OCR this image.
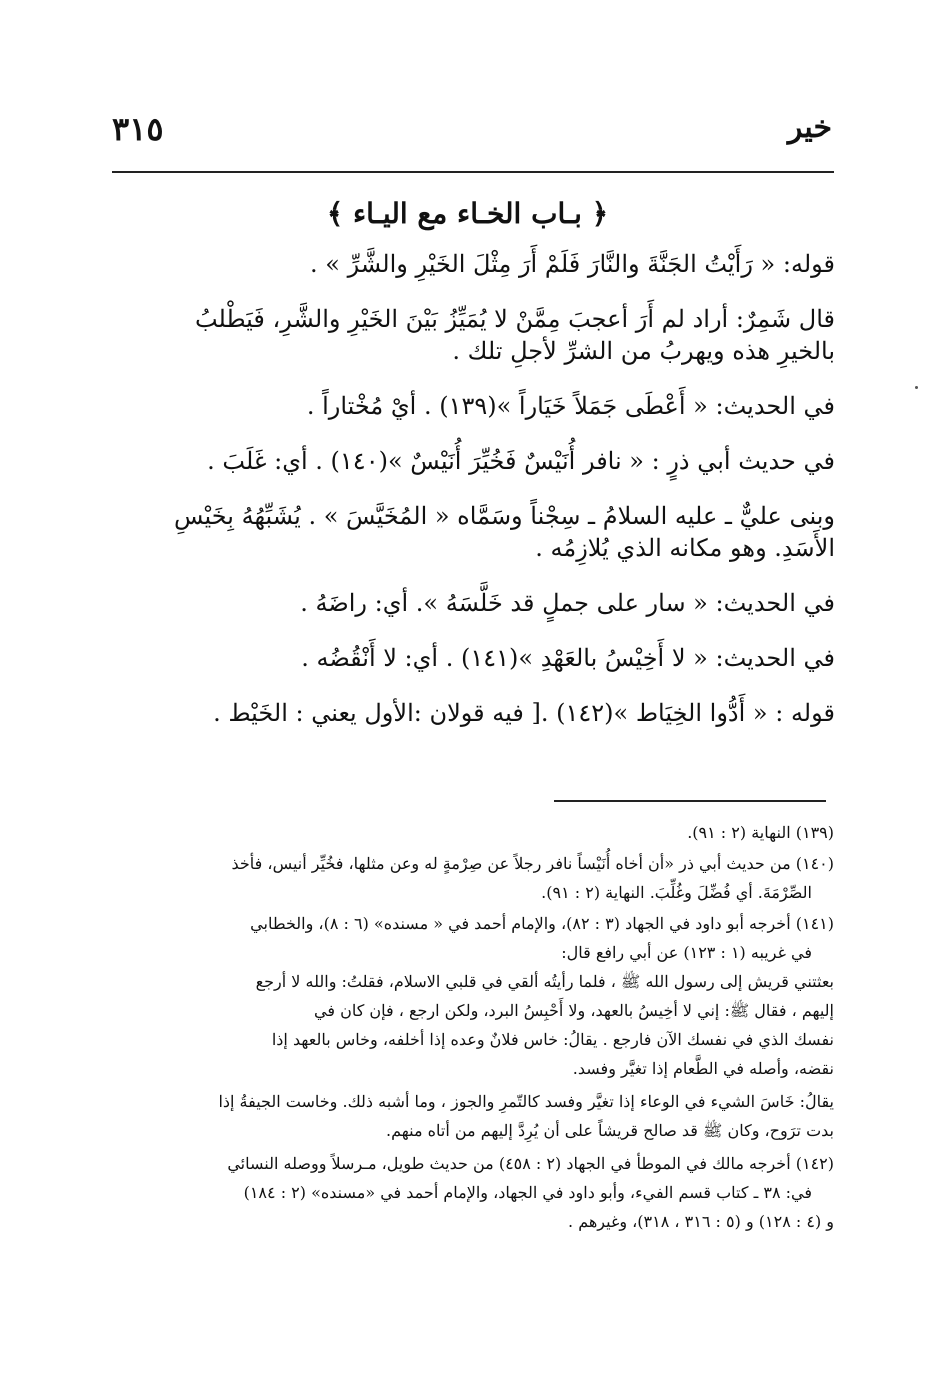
٣١٥	خير
﴿ بـاب الخـاء مع اليـاء ﴾
قوله: « رَأَيْتُ الجَنَّةَ والنَّارَ فَلَمْ أَرَ مِثْلَ الخَيْرِ والشَّرِّ » .
قال شَمِرٌ: أراد لم أَرَ أعجبَ مِمَّنْ لا يُمَيِّزُ بَيْنَ الخَيْرِ والشَّرِ، فَيَطْلبُ
بالخيرِ هذه ويهربُ من الشرِّ لأجلِ تلك .
في الحديث: « أَعْطَى جَمَلاً خَيَاراً »(١٣٩) . أيْ مُخْتاراً .
في حديث أبي ذرٍ : « نافر أُنَيْسٌ فَخُيِّرَ أُنَيْسٌ »(١٤٠) . أي: غَلَبَ .
وبنى عليٌّ ـ عليه السلامُ ـ سِجْناً وسَمَّاه « المُخَيَّسَ » . يُشَبِّهُهُ بِخَيْسِ
الأَسَدِ. وهو مكانه الذي يُلازِمُه .
في الحديث: « سار على جملٍ قد خَلَّسَهُ ». أي: راضَهُ .
في الحديث: « لا أَخِيْسُ بالعَهْدِ »(١٤١) . أي: لا أَنْقُضُه .
قوله : « أَدُّوا الخِيَاط »(١٤٢) .[ فيه قولان :الأول يعني : الخَيْط .
(١٣٩) النهاية (٢ : ٩١).
(١٤٠) من حديث أبي ذر «أن أخاه أُنَيْساً نافر رجلاً عن صِرْمةٍ له وعن مثلها، فخُيِّر أنيس، فأخذ
الصِّرْمَةَ. أي فُضِّلَ وغُلِّبَ. النهاية (٢ : ٩١).
(١٤١) أخرجه أبو داود في الجهاد (٣ : ٨٢)، والإمام أحمد في « مسنده» (٦ : ٨)، والخطابي
في غريبه (١ : ١٢٣) عن أبي رافع قال:
بعثتني قريش إلى رسول الله ﷺ ، فلما رأيتُه ألقي في قلبي الاسلام، فقلتُ: والله لا أرجع
إليهم ، فقال ﷺ: إني لا أخِيسُ بالعهد، ولا أَحْبِسُ البرد، ولكن ارجع ، فإن كان في
نفسك الذي في نفسك الآن فارجع . يقالُ: خاس فلانٌ وعده إذا أخلفه، وخاس بالعهد إذا
نقضه، وأصله في الطَّعام إذا تغيَّر وفسد.
يقالُ: خَاسَ الشيء في الوعاء إذا تغيَّر وفسد كالتّمرِ والجوز ، وما أشبه ذلك. وخاست الجيفةُ إذا
بدت ترَوح، وكان ﷺ قد صالح قريشاً على أن يُرِدَّ إليهم من أتاه منهم.
(١٤٢) أخرجه مالك في الموطأ في الجهاد (٢ : ٤٥٨) من حديث طويل، مـرسلاً ووصله النسائي
في: ٣٨ ـ كتاب قسم الفيء، وأبو داود في الجهاد، والإمام أحمد في «مسنده» (٢ : ١٨٤)
و (٤ : ١٢٨) و (٥ : ٣١٦ ، ٣١٨)، وغيرهم .
